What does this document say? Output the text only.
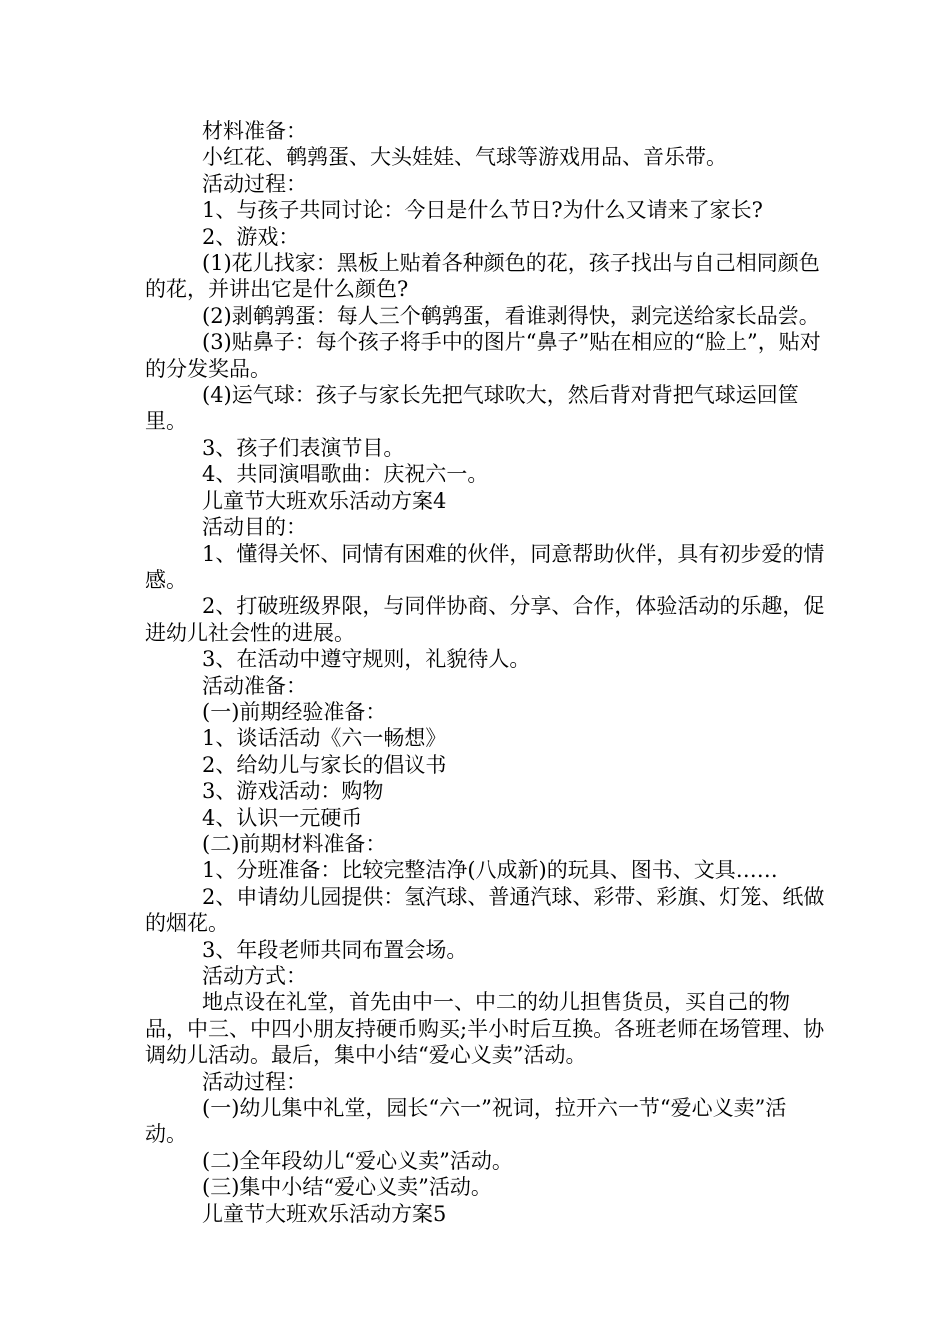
材料准备：

小红花、鹌鹑蛋、大头娃娃、气球等游戏用品、音乐带。

活动过程：

1、与孩子共同讨论：今日是什么节日?为什么又请来了家长?

2、游戏：

(1)花儿找家：黑板上贴着各种颜色的花，孩子找出与自己相同颜色的花，并讲出它是什么颜色?

(2)剥鹌鹑蛋：每人三个鹌鹑蛋，看谁剥得快，剥完送给家长品尝。

(3)贴鼻子：每个孩子将手中的图片“鼻子”贴在相应的“脸上”，贴对的分发奖品。

(4)运气球：孩子与家长先把气球吹大，然后背对背把气球运回筐里。

3、孩子们表演节目。

4、共同演唱歌曲：庆祝六一。

儿童节大班欢乐活动方案4

活动目的：

1、懂得关怀、同情有困难的伙伴，同意帮助伙伴，具有初步爱的情感。

2、打破班级界限，与同伴协商、分享、合作，体验活动的乐趣，促进幼儿社会性的进展。

3、在活动中遵守规则，礼貌待人。

活动准备：

(一)前期经验准备：

1、谈话活动《六一畅想》

2、给幼儿与家长的倡议书

3、游戏活动：购物

4、认识一元硬币

(二)前期材料准备：

1、分班准备：比较完整洁净(八成新)的玩具、图书、文具……

2、申请幼儿园提供：氢汽球、普通汽球、彩带、彩旗、灯笼、纸做的烟花。

3、年段老师共同布置会场。

活动方式：

地点设在礼堂，首先由中一、中二的幼儿担售货员，买自己的物品，中三、中四小朋友持硬币购买;半小时后互换。各班老师在场管理、协调幼儿活动。最后，集中小结“爱心义卖”活动。

活动过程：

(一)幼儿集中礼堂，园长“六一”祝词，拉开六一节“爱心义卖”活动。

(二)全年段幼儿“爱心义卖”活动。

(三)集中小结“爱心义卖”活动。

儿童节大班欢乐活动方案5
